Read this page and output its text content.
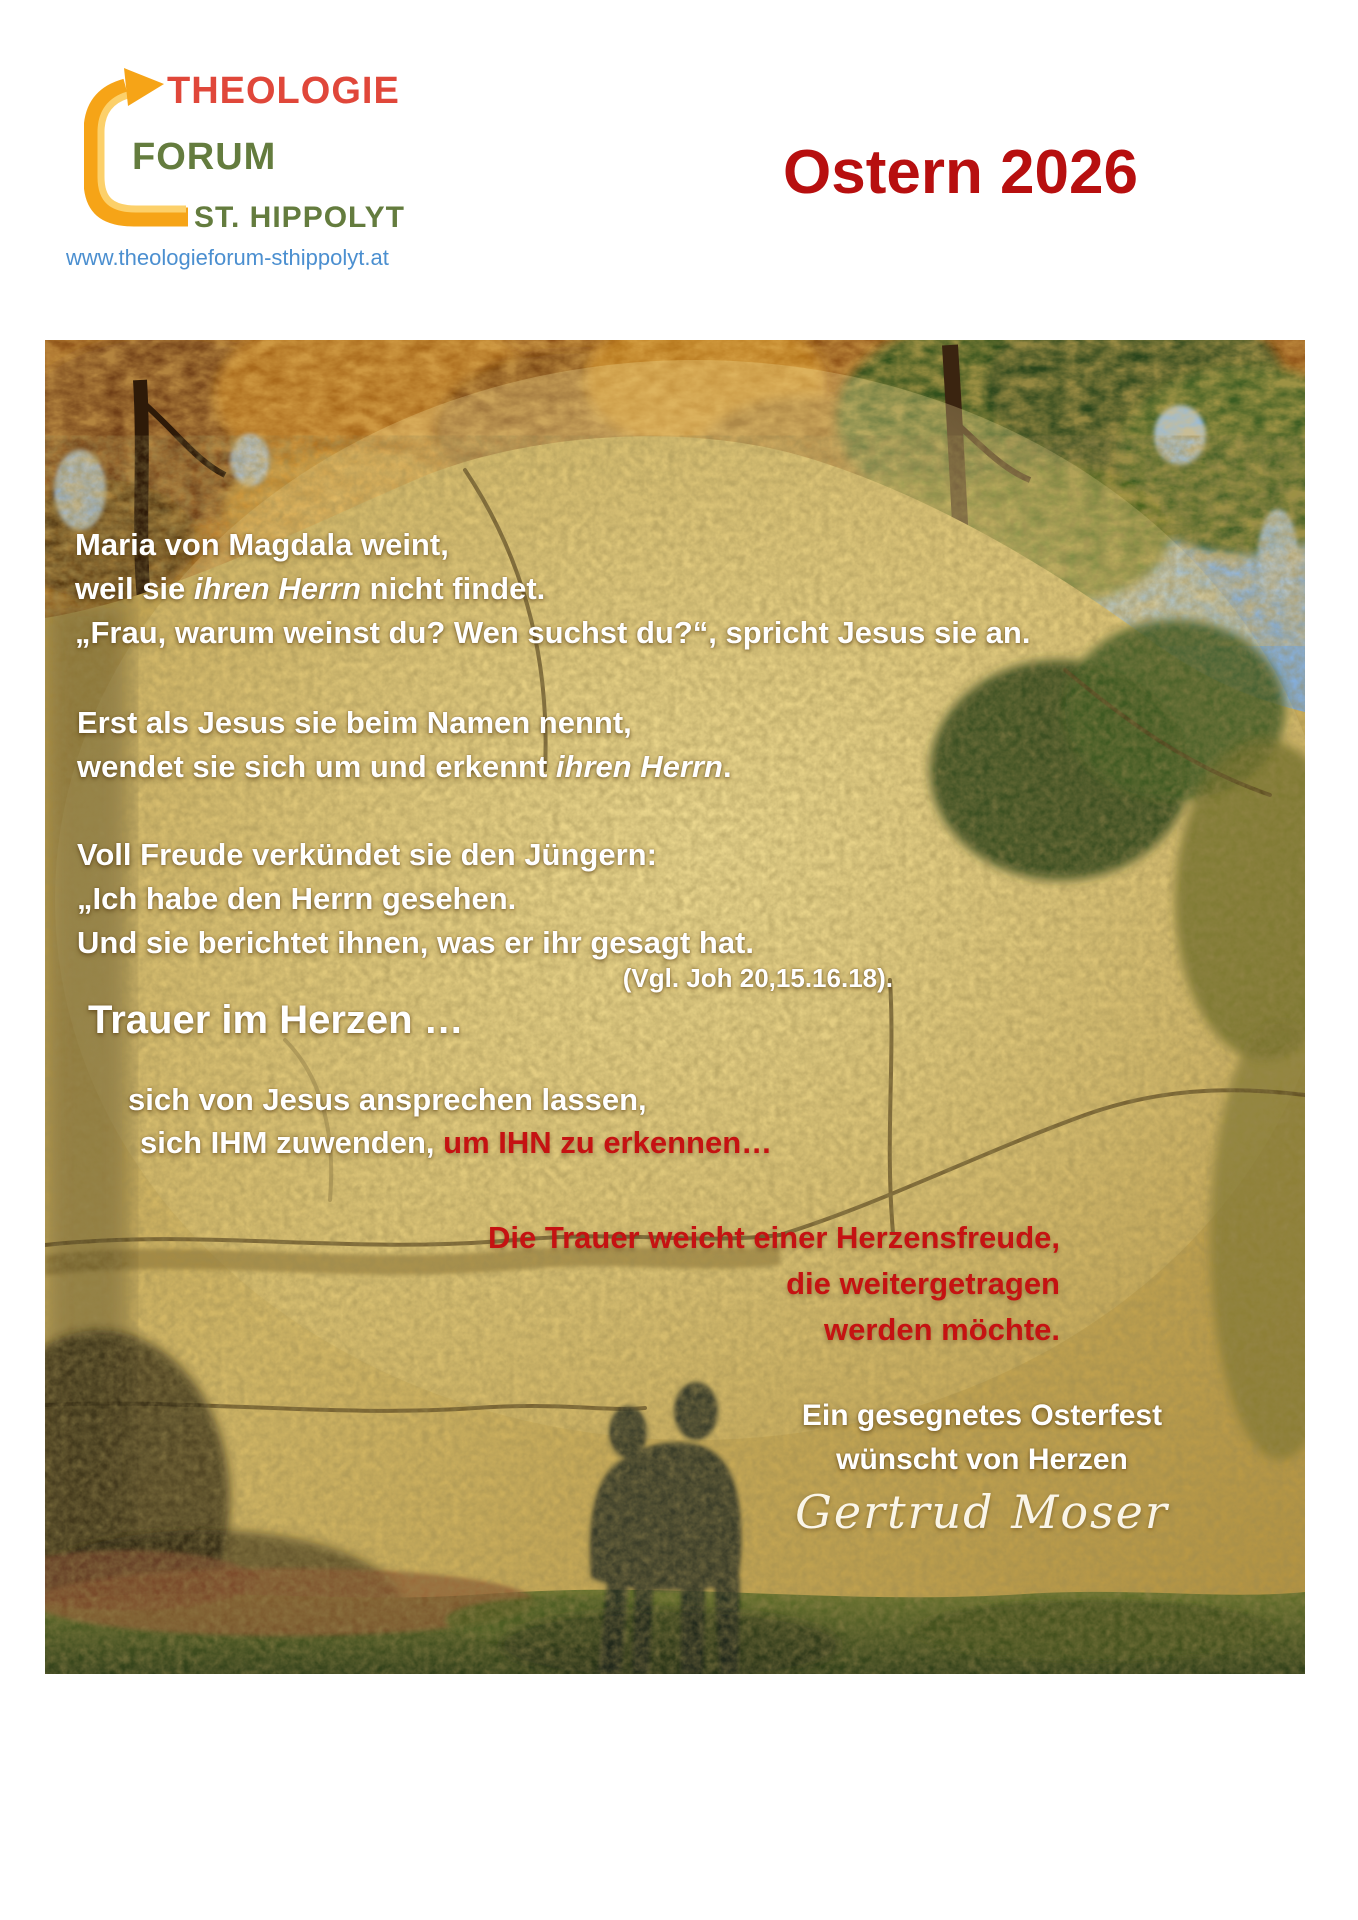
THEOLOGIE
FORUM
ST. HIPPOLYT
www.theologieforum-sthippolyt.at
Ostern 2026
Maria von Magdala weint,
weil sie ihren Herrn nicht findet.
„Frau, warum weinst du? Wen suchst du?“, spricht Jesus sie an.
Erst als Jesus sie beim Namen nennt,
wendet sie sich um und erkennt ihren Herrn.
Voll Freude verkündet sie den Jüngern:
„Ich habe den Herrn gesehen.
Und sie berichtet ihnen, was er ihr gesagt hat.
(Vgl. Joh 20,15.16.18).
Trauer im Herzen …
sich von Jesus ansprechen lassen,
sich IHM zuwenden, um IHN zu erkennen…
Die Trauer weicht einer Herzensfreude,
die weitergetragen
werden möchte.
Ein gesegnetes Osterfest
wünscht von Herzen
Gertrud Moser
